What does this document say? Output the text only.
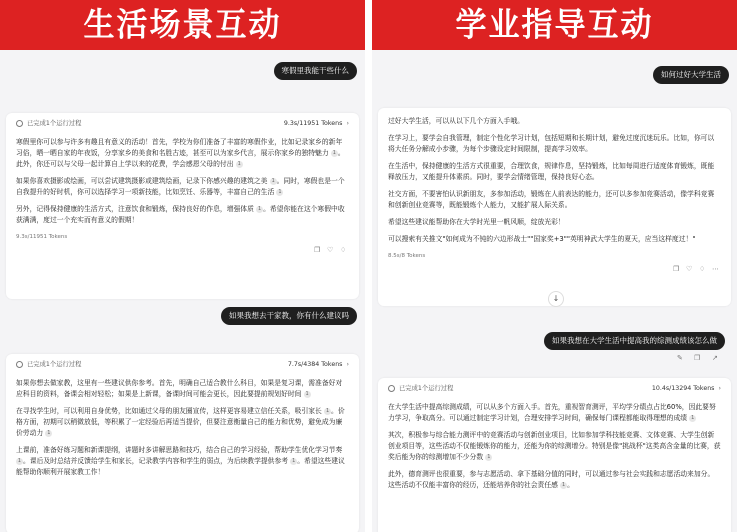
生活场景互动
寒假里我能干些什么
已完成1个运行过程	9.3s/11951 Tokens ›

寒假里你可以参与许多有趣且有意义的活动！首先，学校为你们准备了丰富的寒假作业，比如记录家乡的新年习俗，晒一晒自家的年夜饭，分享家乡的美食和名胜古迹，甚至可以为家乡代言，展示你家乡的独特魅力 1 。此外，你还可以与父母一起计算自上学以来的花费，学会感恩父母的付出 1

如果你喜欢摄影或绘画，可以尝试建筑摄影或建筑绘画，记录下你感兴趣的建筑之美 1 。同时，寒假也是一个自我提升的好时机，你可以选择学习一项新技能，比如烹饪、乐器等，丰富自己的生活 1

另外，记得保持健康的生活方式，注意饮食和锻炼，保持良好的作息，增强体质 1 。希望你能在这个寒假中收获满满，度过一个充实而有意义的假期！

9.3s/11951 Tokens
❐ ♡ ♢
如果我想去干家教，你有什么建议吗
已完成1个运行过程	7.7s/4384 Tokens ›

如果你想去做家教，这里有一些建议供你参考。首先，明确自己适合教什么科目，如果是复习课，需准备好对应科目的资料，备课会相对轻松；如果是上新课，备课时间可能会更长，因此要提前规划好时间 1

在寻找学生时，可以利用自身优势，比如通过父母的朋友圈宣传，这样更容易建立信任关系，吸引家长 1 。价格方面，初期可以稍微放低，等积累了一定经验后再适当提价，但要注意衡量自己的能力和优势，避免成为廉价劳动力 1

上课前，准备好练习题和新课提纲，讲题时多讲解思路和技巧，结合自己的学习经验，帮助学生优化学习节奏 1 。课后及时总结并反馈给学生和家长，记录教学内容和学生的弱点，为后续教学提供参考 1 。希望这些建议能帮助你顺利开展家教工作！

学业指导互动
如何过好大学生活

过好大学生活，可以从以下几个方面入手哦。

在学习上，要学会自我管理，制定个性化学习计划，包括短期和长期计划，避免过度沉迷玩乐。比如，你可以将大任务分解成小步骤，为每个步骤设定时间限制，提高学习效率。

在生活中，保持健康的生活方式很重要，合理饮食，规律作息，坚持锻炼，比如每周进行适度体育锻炼，既能释放压力，又能提升体素质。同时，要学会情绪管理，保持良好心态。

社交方面，不要害怕认识新朋友，多参加活动，锻炼在人前表达的能力，还可以多参加竞赛活动，像学科竞赛和创新创业竞赛等，既能锻炼个人能力，又能扩展人际关系。

希望这些建议能帮助你在大学时光里一帆风顺，绽放光彩！

可以搜索有关推文"如何成为不钝的六边形战士""国家奖+3""英明神武大学生的夏天，应当这样度过！"

8.5s/8 Tokens
❐ ♡ ♢ ⋯
↓
如果我想在大学生活中提高我的综测成绩该怎么做
✎ ❐ ↗
已完成1个运行过程	10.4s/13294 Tokens ›

在大学生活中提高综测成绩，可以从多个方面入手。首先，重视智育测评，平均学分绩点占比60%，因此要努力学习，争取高分。可以通过制定学习计划，合理安排学习时间，确保每门课程都能取得理想的成绩 1

其次，积极参与综合能力测评中的竞赛活动与创新创业项目，比如参加学科技能竞赛、文体竞赛、大学生创新创业项目等，这些活动不仅能锻炼你的能力，还能为你的综测增分。特别是像"挑战杯"这类高含金量的比赛，获奖后能为你的综测增加不少分数 1

此外，德育测评也很重要，参与志愿活动、拿下基础分值的同时，可以通过参与社会实践和志愿活动来加分。这些活动不仅能丰富你的经历，还能培养你的社会责任感 1 。
